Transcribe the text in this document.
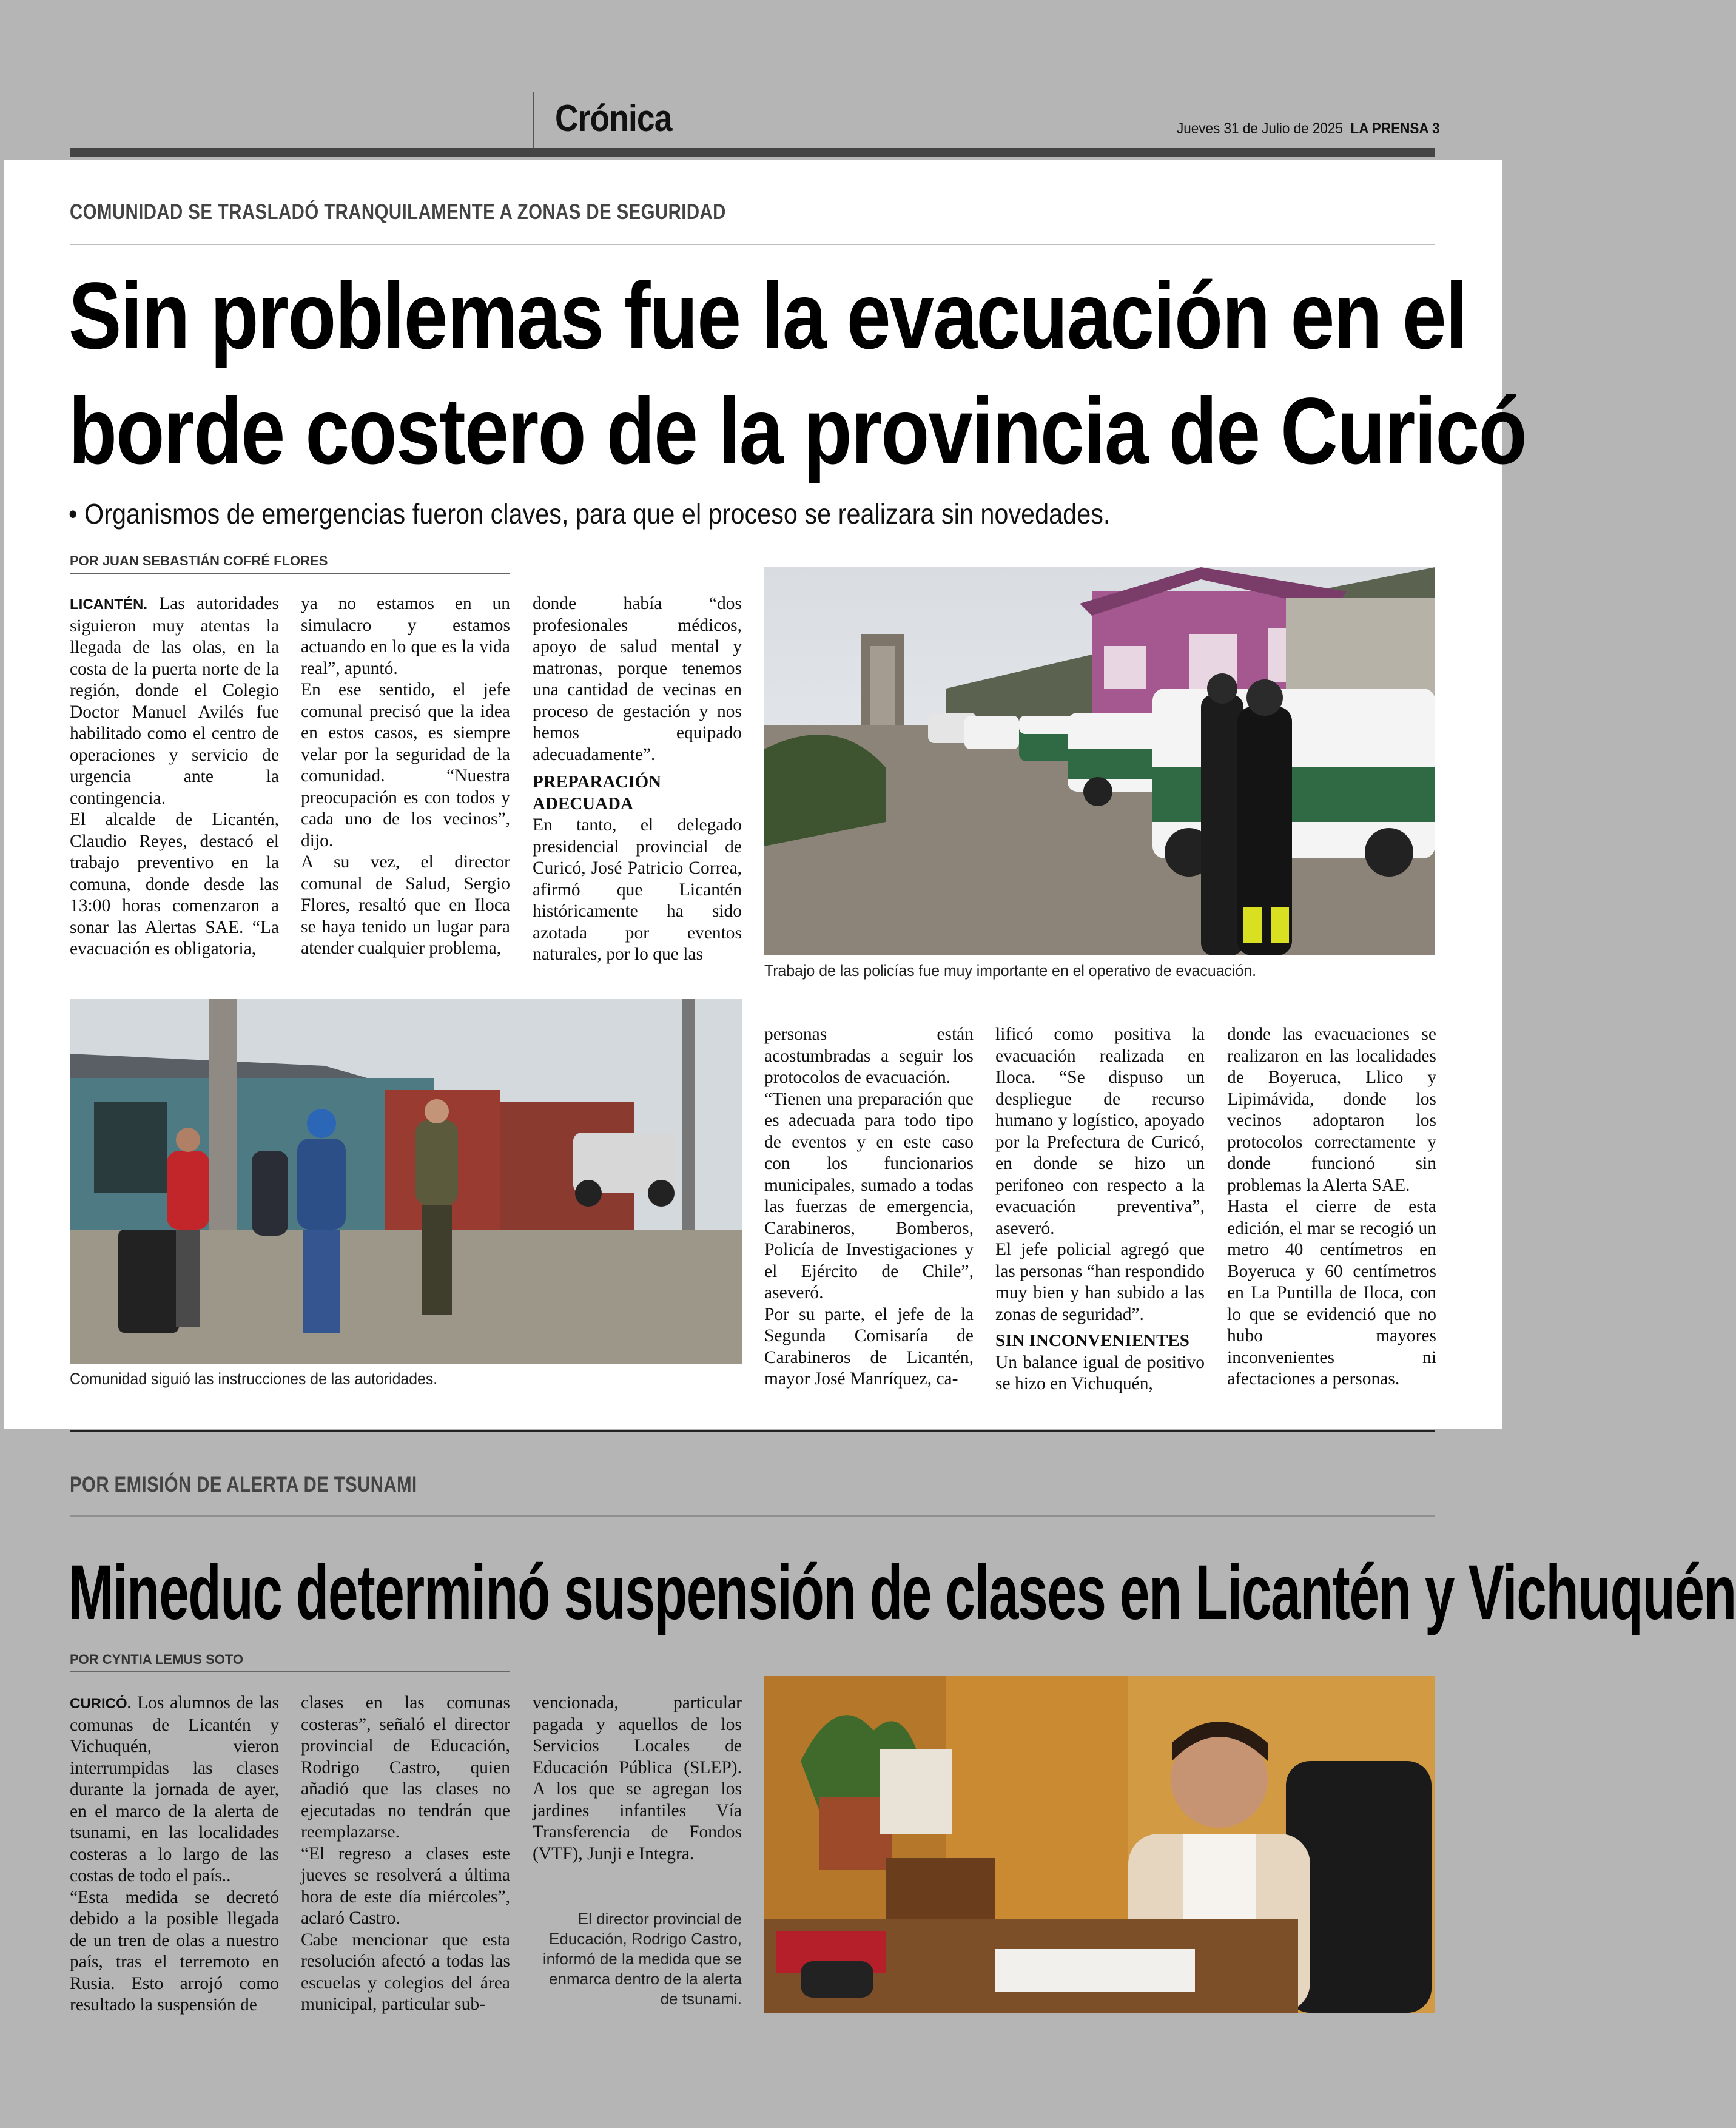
Crónica	Jueves 31 de Julio de 2025 LA PRENSA 3
COMUNIDAD SE TRASLADÓ TRANQUILAMENTE A ZONAS DE SEGURIDAD
Sin problemas fue la evacuación en el
borde costero de la provincia de Curicó
• Organismos de emergencias fueron claves, para que el proceso se realizara sin novedades.
POR JUAN SEBASTIÁN COFRÉ FLORES

LICANTÉN. Las autoridades siguieron muy atentas la llegada de las olas, en la costa de la puerta norte de la región, donde el Colegio Doctor Manuel Avilés fue habilitado como el centro de operaciones y servicio de urgencia ante la contingencia.

El alcalde de Licantén, Claudio Reyes, destacó el trabajo preventivo en la comuna, donde desde las 13:00 horas comenzaron a sonar las Alertas SAE. “La evacuación es obligatoria,

ya no estamos en un simulacro y estamos actuando en lo que es la vida real”, apuntó.

En ese sentido, el jefe comunal precisó que la idea en estos casos, es siempre velar por la seguridad de la comunidad. “Nuestra preocupación es con todos y cada uno de los vecinos”, dijo.

A su vez, el director comunal de Salud, Sergio Flores, resaltó que en Iloca se haya tenido un lugar para atender cualquier problema,

donde había “dos profesionales médicos, apoyo de salud mental y matronas, porque tenemos una cantidad de vecinas en proceso de gestación y nos hemos equipado adecuadamente”.

PREPARACIÓN ADECUADA

En tanto, el delegado presidencial provincial de Curicó, José Patricio Correa, afirmó que Licantén históricamente ha sido azotada por eventos naturales, por lo que las

Trabajo de las policías fue muy importante en el operativo de evacuación.
Comunidad siguió las instrucciones de las autoridades.

personas están acostumbradas a seguir los protocolos de evacuación.

“Tienen una preparación que es adecuada para todo tipo de eventos y en este caso con los funcionarios municipales, sumado a todas las fuerzas de emergencia, Carabineros, Bomberos, Policía de Investigaciones y el Ejército de Chile”, aseveró.

Por su parte, el jefe de la Segunda Comisaría de Carabineros de Licantén, mayor José Manríquez, ca-

lificó como positiva la evacuación realizada en Iloca. “Se dispuso un despliegue de recurso humano y logístico, apoyado por la Prefectura de Curicó, en donde se hizo un perifoneo con respecto a la evacuación preventiva”, aseveró.

El jefe policial agregó que las personas “han respondido muy bien y han subido a las zonas de seguridad”.

SIN INCONVENIENTES

Un balance igual de positivo se hizo en Vichuquén,

donde las evacuaciones se realizaron en las localidades de Boyeruca, Llico y Lipimávida, donde los vecinos adoptaron los protocolos correctamente y donde funcionó sin problemas la Alerta SAE.

Hasta el cierre de esta edición, el mar se recogió un metro 40 centímetros en Boyeruca y 60 centímetros en La Puntilla de Iloca, con lo que se evidenció que no hubo mayores inconvenientes ni afectaciones a personas.

POR EMISIÓN DE ALERTA DE TSUNAMI
Mineduc determinó suspensión de clases en Licantén y Vichuquén
POR CYNTIA LEMUS SOTO

CURICÓ. Los alumnos de las comunas de Licantén y Vichuquén, vieron interrumpidas las clases durante la jornada de ayer, en el marco de la alerta de tsunami, en las localidades costeras a lo largo de las costas de todo el país..

“Esta medida se decretó debido a la posible llegada de un tren de olas a nuestro país, tras el terremoto en Rusia. Esto arrojó como resultado la suspensión de

clases en las comunas costeras”, señaló el director provincial de Educación, Rodrigo Castro, quien añadió que las clases no ejecutadas no tendrán que reemplazarse.

“El regreso a clases este jueves se resolverá a última hora de este día miércoles”, aclaró Castro.

Cabe mencionar que esta resolución afectó a todas las escuelas y colegios del área municipal, particular sub-

vencionada, particular pagada y aquellos de los Servicios Locales de Educación Pública (SLEP). A los que se agregan los jardines infantiles Vía Transferencia de Fondos (VTF), Junji e Integra.

El director provincial de Educación, Rodrigo Castro, informó de la medida que se enmarca dentro de la alerta de tsunami.
